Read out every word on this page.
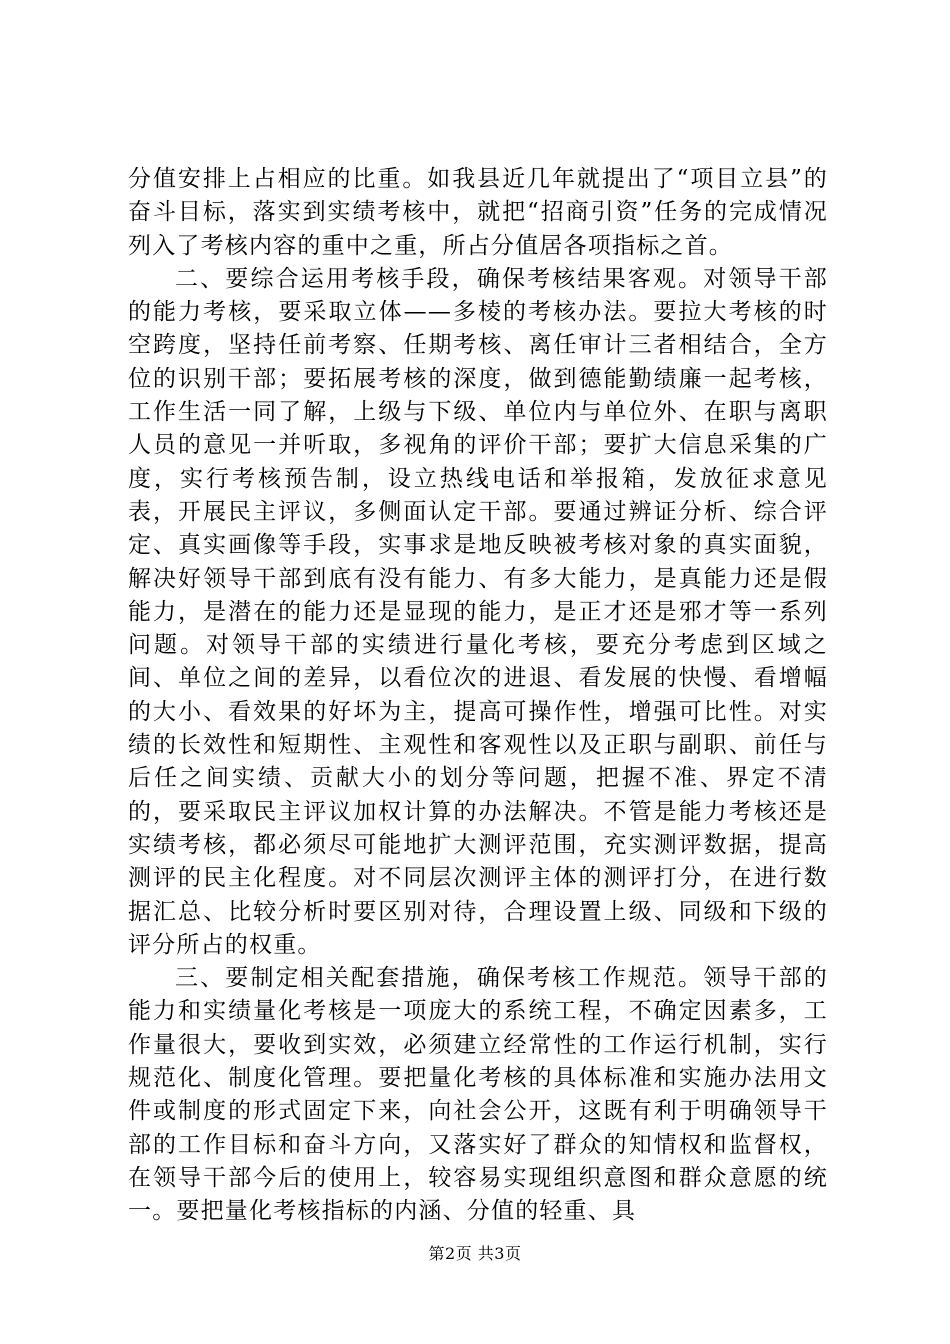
分值安排上占相应的比重。如我县近几年就提出了“项目立县”的奋斗目标，落实到实绩考核中，就把“招商引资”任务的完成情况列入了考核内容的重中之重，所占分值居各项指标之首。

二、要综合运用考核手段，确保考核结果客观。对领导干部的能力考核，要采取立体——多棱的考核办法。要拉大考核的时空跨度，坚持任前考察、任期考核、离任审计三者相结合，全方位的识别干部；要拓展考核的深度，做到德能勤绩廉一起考核，工作生活一同了解，上级与下级、单位内与单位外、在职与离职人员的意见一并听取，多视角的评价干部；要扩大信息采集的广度，实行考核预告制，设立热线电话和举报箱，发放征求意见表，开展民主评议，多侧面认定干部。要通过辨证分析、综合评定、真实画像等手段，实事求是地反映被考核对象的真实面貌，解决好领导干部到底有没有能力、有多大能力，是真能力还是假能力，是潜在的能力还是显现的能力，是正才还是邪才等一系列问题。对领导干部的实绩进行量化考核，要充分考虑到区域之间、单位之间的差异，以看位次的进退、看发展的快慢、看增幅的大小、看效果的好坏为主，提高可操作性，增强可比性。对实绩的长效性和短期性、主观性和客观性以及正职与副职、前任与后任之间实绩、贡献大小的划分等问题，把握不准、界定不清的，要采取民主评议加权计算的办法解决。不管是能力考核还是实绩考核，都必须尽可能地扩大测评范围，充实测评数据，提高测评的民主化程度。对不同层次测评主体的测评打分，在进行数据汇总、比较分析时要区别对待，合理设置上级、同级和下级的评分所占的权重。

三、要制定相关配套措施，确保考核工作规范。领导干部的能力和实绩量化考核是一项庞大的系统工程，不确定因素多，工作量很大，要收到实效，必须建立经常性的工作运行机制，实行规范化、制度化管理。要把量化考核的具体标准和实施办法用文件或制度的形式固定下来，向社会公开，这既有利于明确领导干部的工作目标和奋斗方向，又落实好了群众的知情权和监督权，在领导干部今后的使用上，较容易实现组织意图和群众意愿的统一。要把量化考核指标的内涵、分值的轻重、具

第2页 共3页
